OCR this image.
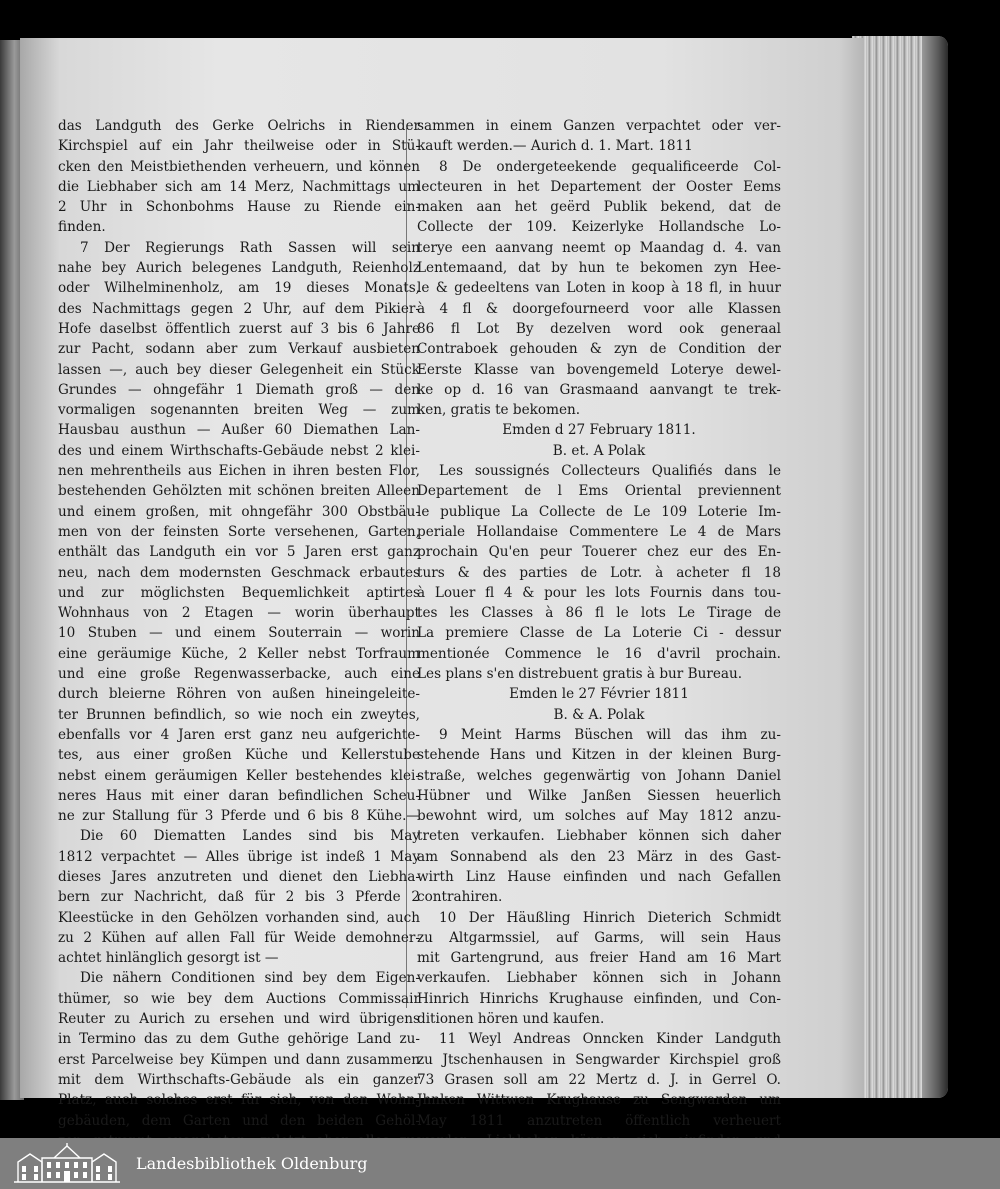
das Landguth des Gerke Oelrichs in Riender
Kirchspiel auf ein Jahr theilweise oder in Stü-
cken den Meistbiethenden verheuern, und können
die Liebhaber sich am 14 Merz, Nachmittags um
2 Uhr in Schonbohms Hause zu Riende ein-
finden.
7 Der Regierungs Rath Sassen will sein
nahe bey Aurich belegenes Landguth, Reienholz
oder Wilhelminenholz, am 19 dieses Monats,
des Nachmittags gegen 2 Uhr, auf dem Pikier-
Hofe daselbst öffentlich zuerst auf 3 bis 6 Jahre
zur Pacht, sodann aber zum Verkauf ausbieten
lassen —, auch bey dieser Gelegenheit ein Stück
Grundes — ohngefähr 1 Diemath groß — den
vormaligen sogenannten breiten Weg — zum
Hausbau austhun — Außer 60 Diemathen Lan-
des und einem Wirthschafts-Gebäude nebst 2 klei-
nen mehrentheils aus Eichen in ihren besten Flor,
bestehenden Gehölzten mit schönen breiten Alleen
und einem großen, mit ohngefähr 300 Obstbäu-
men von der feinsten Sorte versehenen, Garten,
enthält das Landguth ein vor 5 Jaren erst ganz
neu, nach dem modernsten Geschmack erbautes
und zur möglichsten Bequemlichkeit aptirtes
Wohnhaus von 2 Etagen — worin überhaupt
10 Stuben — und einem Souterrain — worin
eine geräumige Küche, 2 Keller nebst Torfraum
und eine große Regenwasserbacke, auch eine
durch bleierne Röhren von außen hineingeleite-
ter Brunnen befindlich, so wie noch ein zweytes,
ebenfalls vor 4 Jaren erst ganz neu aufgerichte-
tes, aus einer großen Küche und Kellerstube
nebst einem geräumigen Keller bestehendes klei-
neres Haus mit einer daran befindlichen Scheu-
ne zur Stallung für 3 Pferde und 6 bis 8 Kühe.—
Die 60 Diematten Landes sind bis May
1812 verpachtet — Alles übrige ist indeß 1 May
dieses Jares anzutreten und dienet den Liebha-
bern zur Nachricht, daß für 2 bis 3 Pferde 2
Kleestücke in den Gehölzen vorhanden sind, auch
zu 2 Kühen auf allen Fall für Weide demohner-
achtet hinlänglich gesorgt ist —
Die nähern Conditionen sind bey dem Eigen-
thümer, so wie bey dem Auctions Commissair
Reuter zu Aurich zu ersehen und wird übrigens
in Termino das zu dem Guthe gehörige Land zu-
erst Parcelweise bey Kümpen und dann zusammen
mit dem Wirthschafts-Gebäude als ein ganzer
Platz, auch solches erst für sich, von den Wohn-
gebäuden, dem Garten und den beiden Gehöl-
sammen in einem Ganzen verpachtet oder ver-
kauft werden.— Aurich d. 1. Mart. 1811
8 De ondergeteekende gequalificeerde Col-
lecteuren in het Departement der Ooster Eems
maken aan het geërd Publik bekend, dat de
Collecte der 109. Keizerlyke Hollandsche Lo-
terye een aanvang neemt op Maandag d. 4. van
Lentemaand, dat by hun te bekomen zyn Hee-
le & gedeeltens van Loten in koop à 18 fl, in huur
à 4 fl & doorgefourneerd voor alle Klassen
86 fl Lot By dezelven word ook generaal
Contraboek gehouden & zyn de Condition der
Eerste Klasse van bovengemeld Loterye dewel-
ke op d. 16 van Grasmaand aanvangt te trek-
ken, gratis te bekomen.
Emden d 27 February 1811.
B. et. A Polak
Les soussignés Collecteurs Qualifiés dans le
Departement de l Ems Oriental previennent
le publique La Collecte de Le 109 Loterie Im-
periale Hollandaise Commentere Le 4 de Mars
prochain Qu'en peur Touerer chez eur des En-
turs & des parties de Lotr. à acheter fl 18
à Louer fl 4 & pour les lots Fournis dans tou-
tes les Classes à 86 fl le lots Le Tirage de
La premiere Classe de La Loterie Ci - dessur
mentionée Commence le 16 d'avril prochain.
Les plans s'en distrebuent gratis à bur Bureau.
Emden le 27 Février 1811
B. & A. Polak
9 Meint Harms Büschen will das ihm zu-
stehende Hans und Kitzen in der kleinen Burg-
straße, welches gegenwärtig von Johann Daniel
Hübner und Wilke Janßen Siessen heuerlich
bewohnt wird, um solches auf May 1812 anzu-
treten verkaufen. Liebhaber können sich daher
am Sonnabend als den 23 März in des Gast-
wirth Linz Hause einfinden und nach Gefallen
contrahiren.
10 Der Häußling Hinrich Dieterich Schmidt
zu Altgarmssiel, auf Garms, will sein Haus
mit Gartengrund, aus freier Hand am 16 Mart
verkaufen. Liebhaber können sich in Johann
Hinrich Hinrichs Krughause einfinden, und Con-
ditionen hören und kaufen.
11 Weyl Andreas Onncken Kinder Landguth
zu Jtschenhausen in Sengwarder Kirchspiel groß
73 Grasen soll am 22 Mertz d. J. in Gerrel O.
Jhnken Wittwen Krughause zu Sengwarden um
May 1811 anzutreten öffentlich verheuert
Landesbibliothek Oldenburg
